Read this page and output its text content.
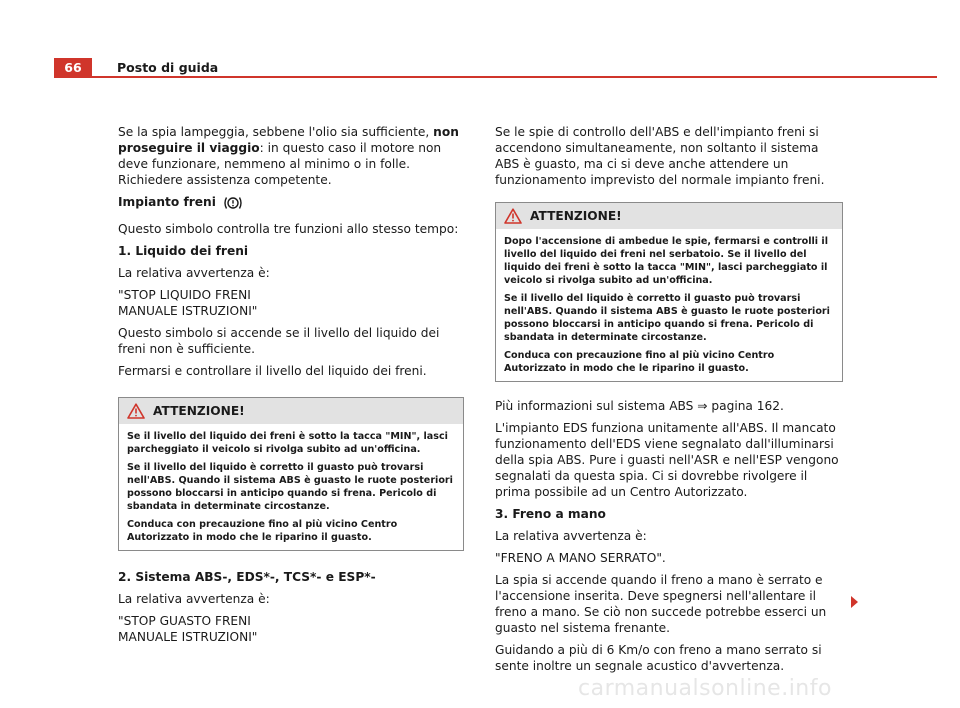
66	Posto di guida

Se la spia lampeggia, sebbene l'olio sia sufficiente, non proseguire il viaggio: in questo caso il motore non deve funzionare, nemmeno al minimo o in folle. Richiedere assistenza competente.

Impianto freni

Questo simbolo controlla tre funzioni allo stesso tempo:

1. Liquido dei freni

La relativa avvertenza è:

"STOP LIQUIDO FRENI
MANUALE ISTRUZIONI"

Questo simbolo si accende se il livello del liquido dei freni non è sufficiente.

Fermarsi e controllare il livello del liquido dei freni.

ATTENZIONE!

Se il livello del liquido dei freni è sotto la tacca "MIN", lasci parcheggiato il veicolo si rivolga subito ad un'officina.

Se il livello del liquido è corretto il guasto può trovarsi nell'ABS. Quando il sistema ABS è guasto le ruote posteriori possono bloccarsi in anticipo quando si frena. Pericolo di sbandata in determinate circostanze.

Conduca con precauzione fino al più vicino Centro Autorizzato in modo che le riparino il guasto.

2. Sistema ABS-, EDS*-, TCS*- e ESP*-

La relativa avvertenza è:

"STOP GUASTO FRENI
MANUALE ISTRUZIONI"

Se le spie di controllo dell'ABS e dell'impianto freni si accendono simultaneamente, non soltanto il sistema ABS è guasto, ma ci si deve anche attendere un funzionamento imprevisto del normale impianto freni.

ATTENZIONE!

Dopo l'accensione di ambedue le spie, fermarsi e controlli il livello del liquido dei freni nel serbatoio. Se il livello del liquido dei freni è sotto la tacca "MIN", lasci parcheggiato il veicolo si rivolga subito ad un'officina.

Se il livello del liquido è corretto il guasto può trovarsi nell'ABS. Quando il sistema ABS è guasto le ruote posteriori possono bloccarsi in anticipo quando si frena. Pericolo di sbandata in determinate circostanze.

Conduca con precauzione fino al più vicino Centro Autorizzato in modo che le riparino il guasto.

Più informazioni sul sistema ABS ⇒ pagina 162.

L'impianto EDS funziona unitamente all'ABS. Il mancato funzionamento dell'EDS viene segnalato dall'illuminarsi della spia ABS. Pure i guasti nell'ASR e nell'ESP vengono segnalati da questa spia. Ci si dovrebbe rivolgere il prima possibile ad un Centro Autorizzato.

3. Freno a mano

La relativa avvertenza è:

"FRENO A MANO SERRATO".

La spia si accende quando il freno a mano è serrato e l'accensione inserita. Deve spegnersi nell'allentare il freno a mano. Se ciò non succede potrebbe esserci un guasto nel sistema frenante.

Guidando a più di 6 Km/o con freno a mano serrato si sente inoltre un segnale acustico d'avvertenza.

carmanualsonline.info
